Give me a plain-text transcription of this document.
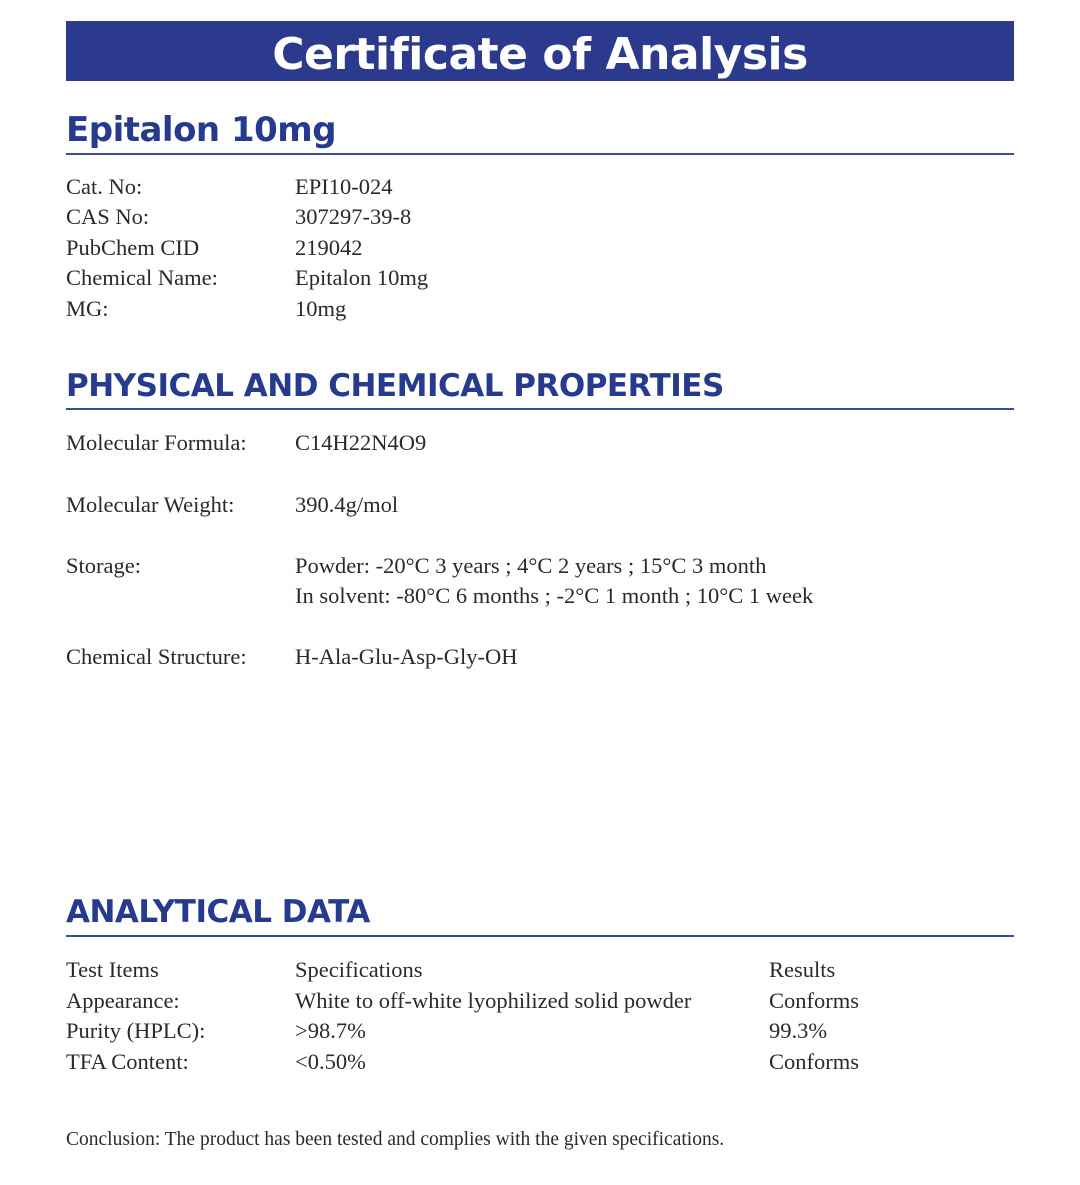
Certificate of Analysis
Epitalon 10mg
Cat. No:	EPI10-024
CAS No:	307297-39-8
PubChem CID	219042
Chemical Name:	Epitalon 10mg
MG:	10mg
PHYSICAL AND CHEMICAL PROPERTIES
Molecular Formula: C14H22N4O9
Molecular Weight:	390.4g/mol
Storage:	Powder: -20°C 3 years ; 4°C 2 years ; 15°C 3 month
In solvent: -80°C 6 months ; -2°C 1 month ; 10°C 1 week
Chemical Structure: H-Ala-Glu-Asp-Gly-OH
ANALYTICAL DATA
Test Items	Specifications	Results
Appearance:	White to off-white lyophilized solid powder	Conforms
Purity (HPLC):	>98.7%	99.3%
TFA Content:	<0.50%	Conforms
Conclusion: The product has been tested and complies with the given specifications.
